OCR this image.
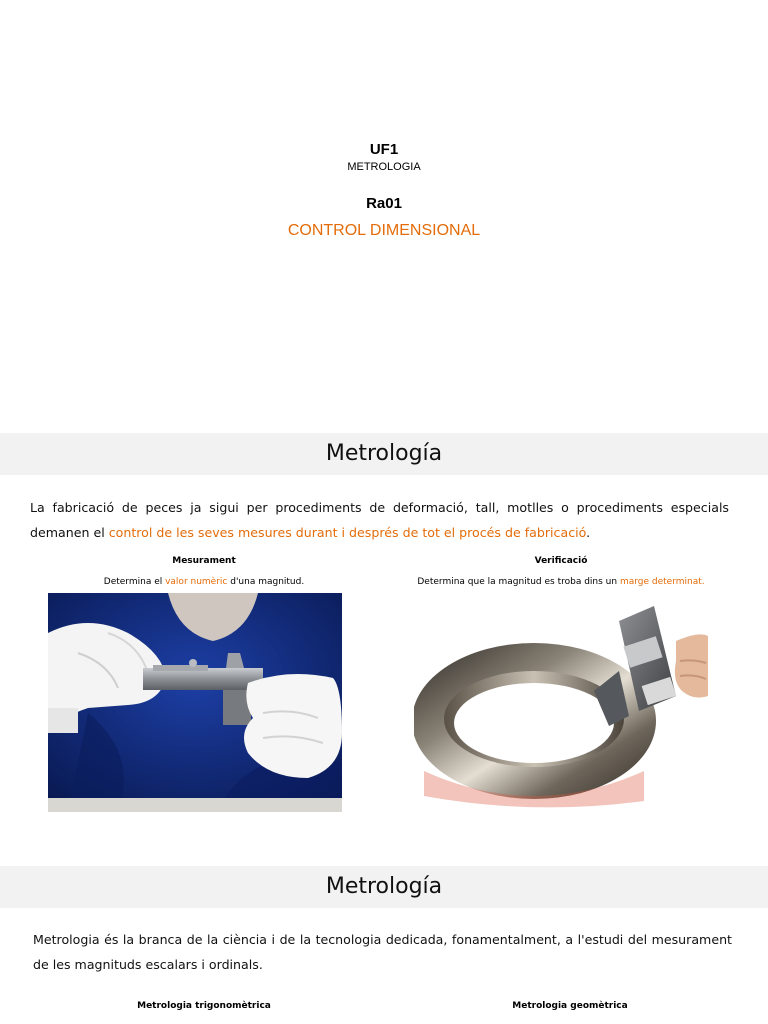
UF1
METROLOGIA
Ra01
CONTROL DIMENSIONAL
Metrología
La fabricació de peces ja sigui per procediments de deformació, tall, motlles o procediments especials demanen el control de les seves mesures durant i després de tot el procés de fabricació.
Mesurament
Determina el valor numèric d'una magnitud.
Verificació
Determina que la magnitud es troba dins un marge determinat.
Metrología
Metrologia és la branca de la ciència i de la tecnologia dedicada, fonamentalment, a l'estudi del mesurament de les magnituds escalars i ordinals.
Metrologia trigonomètrica	Metrologia geomètrica
